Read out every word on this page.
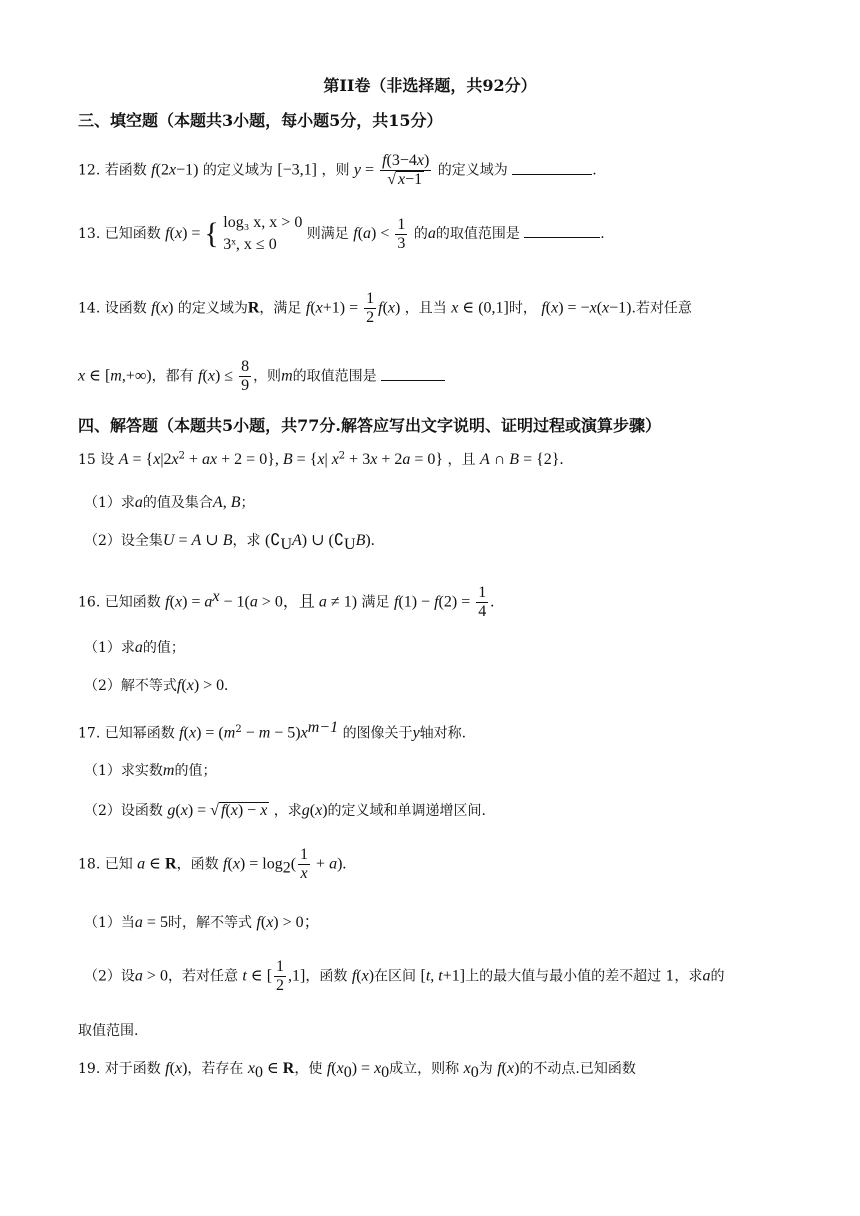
第II卷（非选择题，共92分）
三、填空题（本题共3小题，每小题5分，共15分）
12. 若函数 f(2x−1) 的定义域为 [−3,1] ，则 $y = \frac{f(3-4x)}{√ x-1}$ 的定义域为	.
13. 已知函数 f(x) = { log₃ x, x > 0
3ˣ, x ≤ 0
则满足 $f(a) < \frac{1}{3}$ 的a的取值范围是	.
14. 设函数 f(x) 的定义域为R，满足 $f(x+1) = \frac{1}{2} f(x)$ ，且当 x ∈ (0,1]时， f(x) = −x(x−1).若对任意
x ∈ [m,+∞)，都有 $f(x) \le \frac{8}{9}$ ，则m的取值范围是
四、解答题（本题共5小题，共77分.解答应写出文字说明、证明过程或演算步骤）
15 设 $A = \{x|2x^2$ + ax + 2 = 0}, B = {x| $x^2 + 3x + 2a = 0$} ，且 A ∩ B = {2}.
（1）求a的值及集合A, B；
（2）设全集U = A ∪ B，求 $(∁_UA)$ ∪ $(∁_UB)$.
16. 已知函数 $f(x) = a^x - 1(a > 0$，且 a ≠ 1) 满足 $f(1) - f(2) = \frac{1}{4}$ .
（1）求a的值；
（2）解不等式f(x) > 0.
17. 已知幂函数 $f(x) = (m^2 - m - 5)x^{m-1}$ 的图像关于y轴对称.
（1）求实数m的值；
（2）设函数 g(x) = √ f(x) − x ，求g(x)的定义域和单调递增区间.
18. 已知 a ∈ R，函数 $f(x) = \log_2( \frac{1}{x} + a)$.
（1）当a = 5时，解不等式 f(x) > 0；
（2）设a > 0，若对任意 t ∈ [ $\frac{1}{2} ,1$]，函数 f(x)在区间 [t, t+1]上的最大值与最小值的差不超过 1，求a的
取值范围.
19. 对于函数 f(x)，若存在 $x_0$ ∈ R，使 $f(x_0) = x_0$成立，则称 $x_0$为 f(x)的不动点.已知函数
